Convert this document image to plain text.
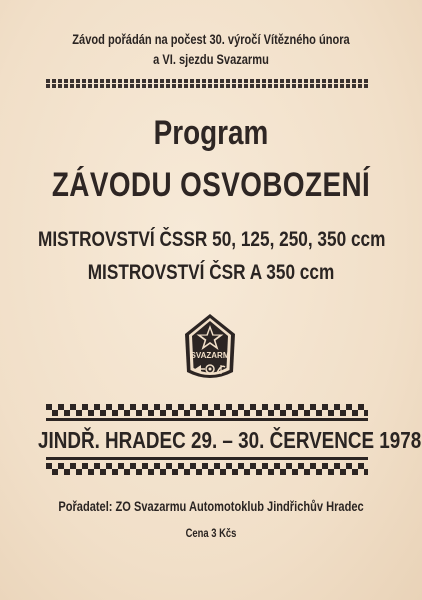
Závod pořádán na počest 30. výročí Vítězného února
a VI. sjezdu Svazarmu
Program
ZÁVODU OSVOBOZENÍ
MISTROVSTVÍ ČSSR 50, 125, 250, 350 ccm
MISTROVSTVÍ ČSR A 350 ccm
SVAZARM
JINDŘ. HRADEC 29. – 30. ČERVENCE 1978
Pořadatel: ZO Svazarmu Automotoklub Jindřichův Hradec
Cena 3 Kčs
